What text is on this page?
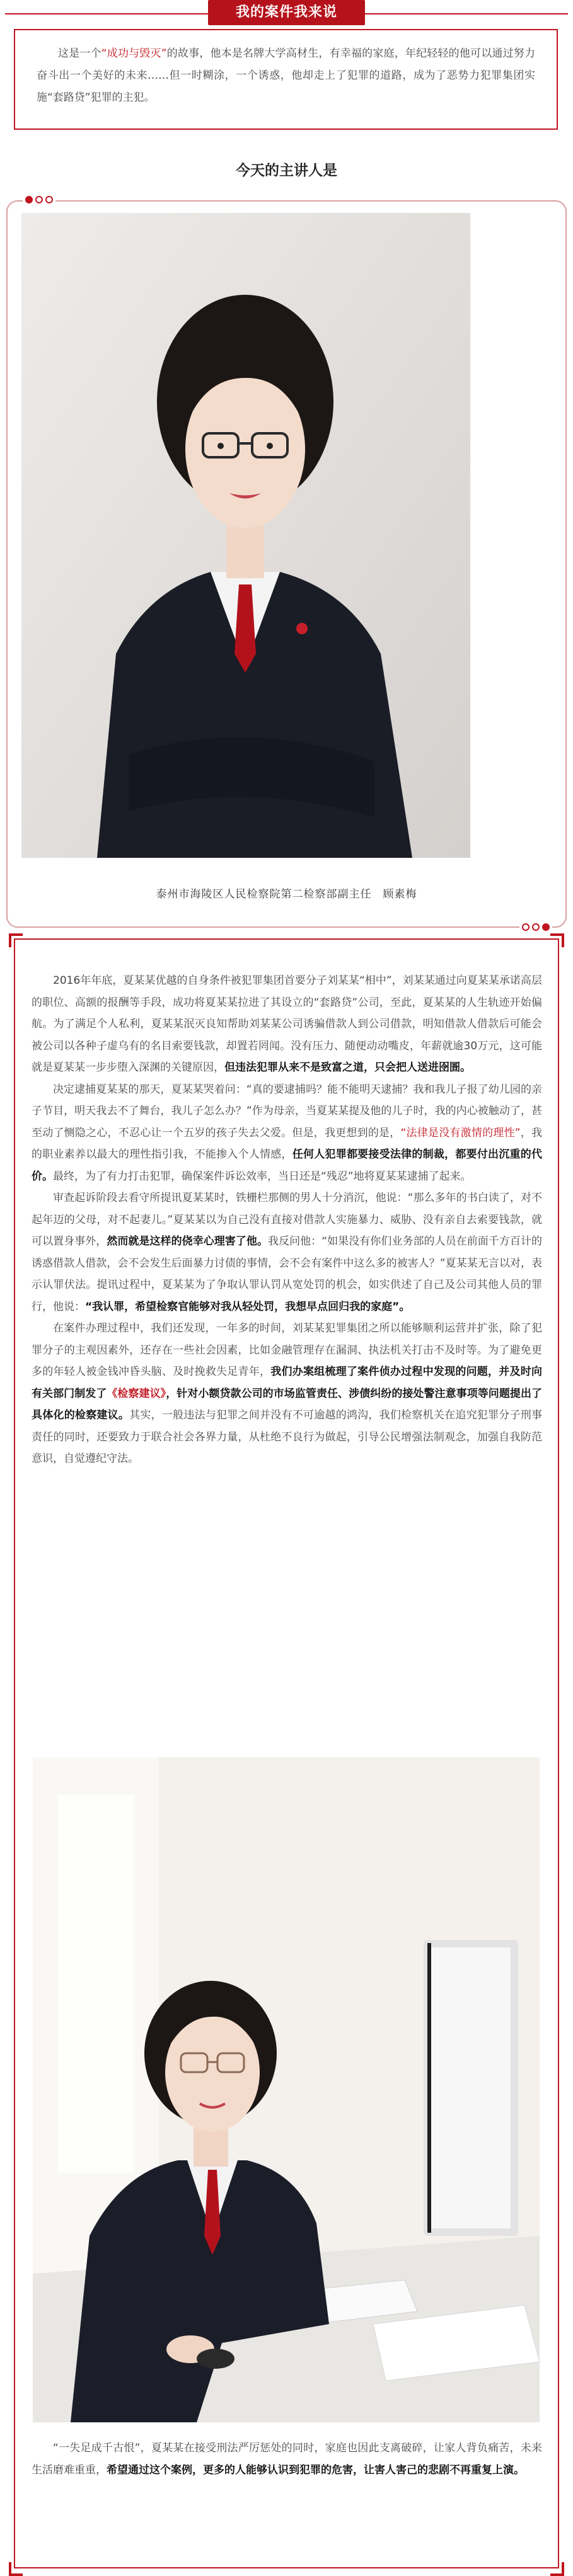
我的案件我来说
这是一个“成功与毁灭”的故事，他本是名牌大学高材生，有幸福的家庭，年纪轻轻的他可以通过努力奋斗出一个美好的未来……但一时糊涂，一个诱惑，他却走上了犯罪的道路，成为了恶势力犯罪集团实施“套路贷”犯罪的主犯。
今天的主讲人是
泰州市海陵区人民检察院第二检察部副主任　顾素梅

2016年年底，夏某某优越的自身条件被犯罪集团首要分子刘某某“相中”，刘某某通过向夏某某承诺高层的职位、高额的报酬等手段，成功将夏某某拉进了其设立的“套路贷”公司，至此，夏某某的人生轨迹开始偏航。为了满足个人私利，夏某某泯灭良知帮助刘某某公司诱骗借款人到公司借款，明知借款人借款后可能会被公司以各种子虚乌有的名目索要钱款，却置若罔闻。没有压力、随便动动嘴皮，年薪就逾30万元，这可能就是夏某某一步步堕入深渊的关键原因，但违法犯罪从来不是致富之道，只会把人送进囹圄。

决定逮捕夏某某的那天，夏某某哭着问：“真的要逮捕吗？能不能明天逮捕？我和我儿子报了幼儿园的亲子节目，明天我去不了舞台，我儿子怎么办？”作为母亲，当夏某某提及他的儿子时，我的内心被触动了，甚至动了恻隐之心，不忍心让一个五岁的孩子失去父爱。但是，我更想到的是，“法律是没有激情的理性”，我的职业素养以最大的理性指引我，不能掺入个人情感，任何人犯罪都要接受法律的制裁，都要付出沉重的代价。最终，为了有力打击犯罪，确保案件诉讼效率，当日还是“残忍”地将夏某某逮捕了起来。

审查起诉阶段去看守所提讯夏某某时，铁栅栏那侧的男人十分消沉，他说：“那么多年的书白读了，对不起年迈的父母，对不起妻儿。”夏某某以为自己没有直接对借款人实施暴力、威胁、没有亲自去索要钱款，就可以置身事外，然而就是这样的侥幸心理害了他。我反问他：“如果没有你们业务部的人员在前面千方百计的诱惑借款人借款，会不会发生后面暴力讨债的事情，会不会有案件中这么多的被害人？”夏某某无言以对，表示认罪伏法。提讯过程中，夏某某为了争取认罪认罚从宽处罚的机会，如实供述了自己及公司其他人员的罪行，他说：“我认罪，希望检察官能够对我从轻处罚，我想早点回归我的家庭”。

在案件办理过程中，我们还发现，一年多的时间，刘某某犯罪集团之所以能够顺利运营并扩张，除了犯罪分子的主观因素外，还存在一些社会因素，比如金融管理存在漏洞、执法机关打击不及时等。为了避免更多的年轻人被金钱冲昏头脑、及时挽救失足青年，我们办案组梳理了案件侦办过程中发现的问题，并及时向有关部门制发了《检察建议》，针对小额贷款公司的市场监管责任、涉债纠纷的接处警注意事项等问题提出了具体化的检察建议。其实，一般违法与犯罪之间并没有不可逾越的鸿沟，我们检察机关在追究犯罪分子刑事责任的同时，还要致力于联合社会各界力量，从杜绝不良行为做起，引导公民增强法制观念，加强自我防范意识，自觉遵纪守法。

“一失足成千古恨”，夏某某在接受刑法严厉惩处的同时，家庭也因此支离破碎，让家人背负痛苦，未来生活磨难重重，希望通过这个案例，更多的人能够认识到犯罪的危害，让害人害己的悲剧不再重复上演。
